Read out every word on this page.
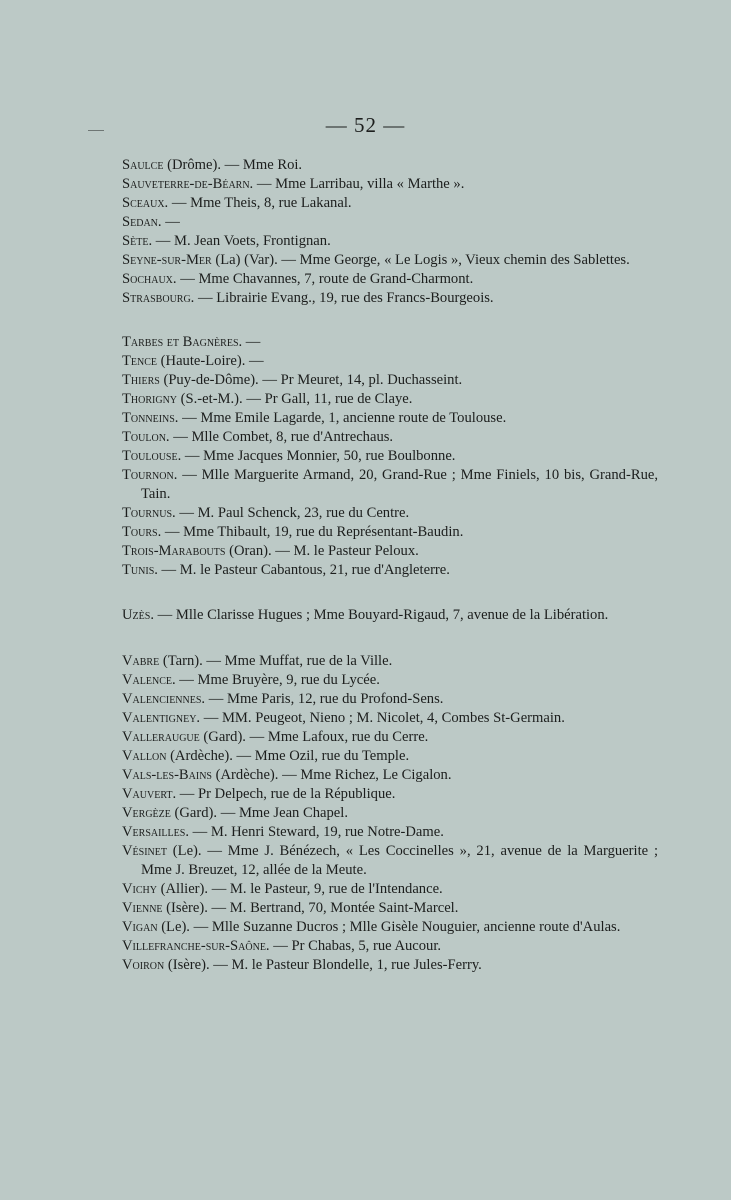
— 52 —
Saulce (Drôme). — Mme Roi.
Sauveterre-de-Béarn. — Mme Larribau, villa « Marthe ».
Sceaux. — Mme Theis, 8, rue Lakanal.
Sedan. —
Sète. — M. Jean Voets, Frontignan.
Seyne-sur-Mer (La) (Var). — Mme George, « Le Logis », Vieux chemin des Sablettes.
Sochaux. — Mme Chavannes, 7, route de Grand-Charmont.
Strasbourg. — Librairie Evang., 19, rue des Francs-Bourgeois.
Tarbes et Bagnères. —
Tence (Haute-Loire). —
Thiers (Puy-de-Dôme). — Pr Meuret, 14, pl. Duchasseint.
Thorigny (S.-et-M.). — Pr Gall, 11, rue de Claye.
Tonneins. — Mme Emile Lagarde, 1, ancienne route de Toulouse.
Toulon. — Mlle Combet, 8, rue d'Antrechaus.
Toulouse. — Mme Jacques Monnier, 50, rue Boulbonne.
Tournon. — Mlle Marguerite Armand, 20, Grand-Rue ; Mme Finiels, 10 bis, Grand-Rue, Tain.
Tournus. — M. Paul Schenck, 23, rue du Centre.
Tours. — Mme Thibault, 19, rue du Représentant-Baudin.
Trois-Marabouts (Oran). — M. le Pasteur Peloux.
Tunis. — M. le Pasteur Cabantous, 21, rue d'Angleterre.
Uzès. — Mlle Clarisse Hugues ; Mme Bouyard-Rigaud, 7, avenue de la Libération.
Vabre (Tarn). — Mme Muffat, rue de la Ville.
Valence. — Mme Bruyère, 9, rue du Lycée.
Valenciennes. — Mme Paris, 12, rue du Profond-Sens.
Valentigney. — MM. Peugeot, Nieno ; M. Nicolet, 4, Combes St-Germain.
Valleraugue (Gard). — Mme Lafoux, rue du Cerre.
Vallon (Ardèche). — Mme Ozil, rue du Temple.
Vals-les-Bains (Ardèche). — Mme Richez, Le Cigalon.
Vauvert. — Pr Delpech, rue de la République.
Vergèze (Gard). — Mme Jean Chapel.
Versailles. — M. Henri Steward, 19, rue Notre-Dame.
Vésinet (Le). — Mme J. Bénézech, « Les Coccinelles », 21, avenue de la Marguerite ; Mme J. Breuzet, 12, allée de la Meute.
Vichy (Allier). — M. le Pasteur, 9, rue de l'Intendance.
Vienne (Isère). — M. Bertrand, 70, Montée Saint-Marcel.
Vigan (Le). — Mlle Suzanne Ducros ; Mlle Gisèle Nouguier, ancienne route d'Aulas.
Villefranche-sur-Saône. — Pr Chabas, 5, rue Aucour.
Voiron (Isère). — M. le Pasteur Blondelle, 1, rue Jules-Ferry.
